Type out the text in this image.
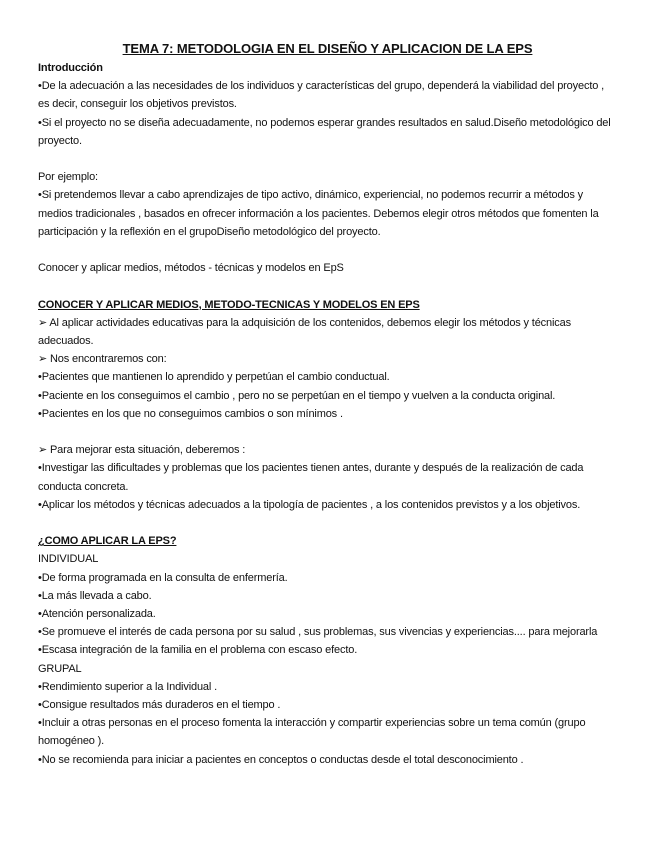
TEMA 7: METODOLOGIA EN EL DISEÑO Y APLICACION DE LA EPS
Introducción
•De la adecuación a las necesidades de los individuos y características del grupo, dependerá la viabilidad del proyecto , es decir, conseguir los objetivos previstos.
•Si el proyecto no se diseña adecuadamente, no podemos esperar grandes resultados en salud.Diseño metodológico del proyecto.
Por ejemplo:
•Si pretendemos llevar a cabo aprendizajes de tipo activo, dinámico, experiencial, no podemos recurrir a métodos y medios tradicionales , basados en ofrecer información a los pacientes. Debemos elegir otros métodos que fomenten la participación y la reflexión en el grupoDiseño metodológico del proyecto.
Conocer y aplicar medios, métodos - técnicas y modelos en EpS
CONOCER Y APLICAR MEDIOS, METODO-TECNICAS Y MODELOS EN EPS
➢ Al aplicar actividades educativas para la adquisición de los contenidos, debemos elegir los métodos y técnicas adecuados.
➢ Nos encontraremos con:
•Pacientes que mantienen lo aprendido y perpetúan el cambio conductual.
•Paciente en los conseguimos el cambio , pero no se perpetúan en el tiempo y vuelven a la conducta original.
•Pacientes en los que no conseguimos cambios o son mínimos .
➢ Para mejorar esta situación, deberemos :
•Investigar las dificultades y problemas que los pacientes tienen antes, durante y después de la realización de cada conducta concreta.
•Aplicar los métodos y técnicas adecuados a la tipología de pacientes , a los contenidos previstos y a los objetivos.
¿COMO APLICAR LA EPS?
INDIVIDUAL
•De forma programada en la consulta de enfermería.
•La más llevada a cabo.
•Atención personalizada.
•Se promueve el interés de cada persona por su salud , sus problemas, sus vivencias y experiencias.... para mejorarla
•Escasa integración de la familia en el problema con escaso efecto.
GRUPAL
•Rendimiento superior a la Individual .
•Consigue resultados más duraderos en el tiempo .
•Incluir a otras personas en el proceso fomenta la interacción y compartir experiencias sobre un tema común (grupo homogéneo ).
•No se recomienda para iniciar a pacientes en conceptos o conductas desde el total desconocimiento .
